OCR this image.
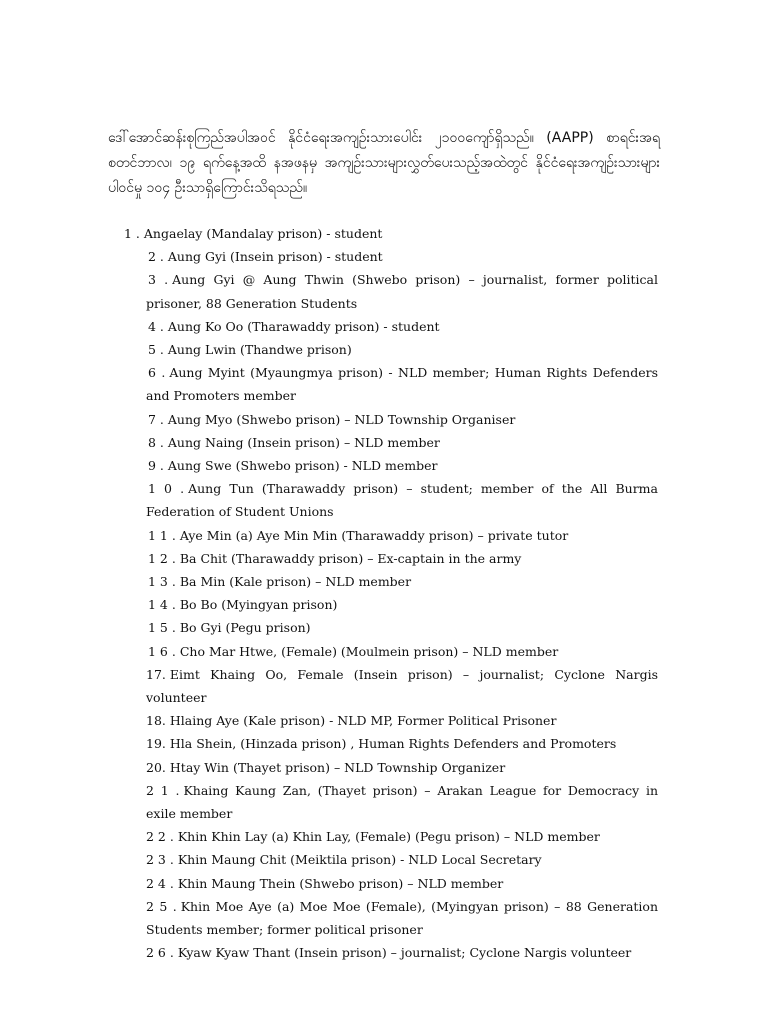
ဒေါ်အောင်ဆန်းစုကြည်အပါအဝင် နိုင်ငံရေးအကျဉ်းသားပေါင်း ၂၁၀၀ကျော်ရှိသည်။ (AAPP) စာရင်းအရ စတင်ဘာလ၊ ၁၉ ရက်နေ့အထိ နအဖနမှ အကျဉ်းသားများလွှတ်ပေးသည့်အထဲတွင် နိုင်ငံရေးအကျဉ်းသားများပါဝင်မှု ၁၀၄ ဦးသာရှိကြောင်းသိရသည်။

1 . Angaelay (Mandalay prison) - student
2 . Aung Gyi (Insein prison) - student
3 . Aung Gyi @ Aung Thwin (Shwebo prison) – journalist, former political prisoner, 88 Generation Students
4 . Aung Ko Oo (Tharawaddy prison) - student
5 . Aung Lwin (Thandwe prison)
6 . Aung Myint (Myaungmya prison) - NLD member; Human Rights Defenders and Promoters member
7 . Aung Myo (Shwebo prison) – NLD Township Organiser
8 . Aung Naing (Insein prison) – NLD member
9 . Aung Swe (Shwebo prison) - NLD member
1 0 . Aung Tun (Tharawaddy prison) – student; member of the All Burma Federation of Student Unions
1 1 . Aye Min (a) Aye Min Min (Tharawaddy prison) – private tutor
1 2 . Ba Chit (Tharawaddy prison) – Ex-captain in the army
1 3 . Ba Min (Kale prison) – NLD member
1 4 . Bo Bo (Myingyan prison)
1 5 . Bo Gyi (Pegu prison)
1 6 . Cho Mar Htwe, (Female) (Moulmein prison) – NLD member
17. Eimt Khaing Oo, Female (Insein prison) – journalist; Cyclone Nargis volunteer
18. Hlaing Aye (Kale prison) - NLD MP, Former Political Prisoner
19. Hla Shein, (Hinzada prison) , Human Rights Defenders and Promoters
20. Htay Win (Thayet prison) – NLD Township Organizer
2 1 . Khaing Kaung Zan, (Thayet prison) – Arakan League for Democracy in exile member
2 2 . Khin Khin Lay (a) Khin Lay, (Female) (Pegu prison) – NLD member
2 3 . Khin Maung Chit (Meiktila prison) - NLD Local Secretary
2 4 . Khin Maung Thein (Shwebo prison) – NLD member
2 5 . Khin Moe Aye (a) Moe Moe (Female), (Myingyan prison) – 88 Generation Students member; former political prisoner
2 6 . Kyaw Kyaw Thant (Insein prison) – journalist; Cyclone Nargis volunteer
